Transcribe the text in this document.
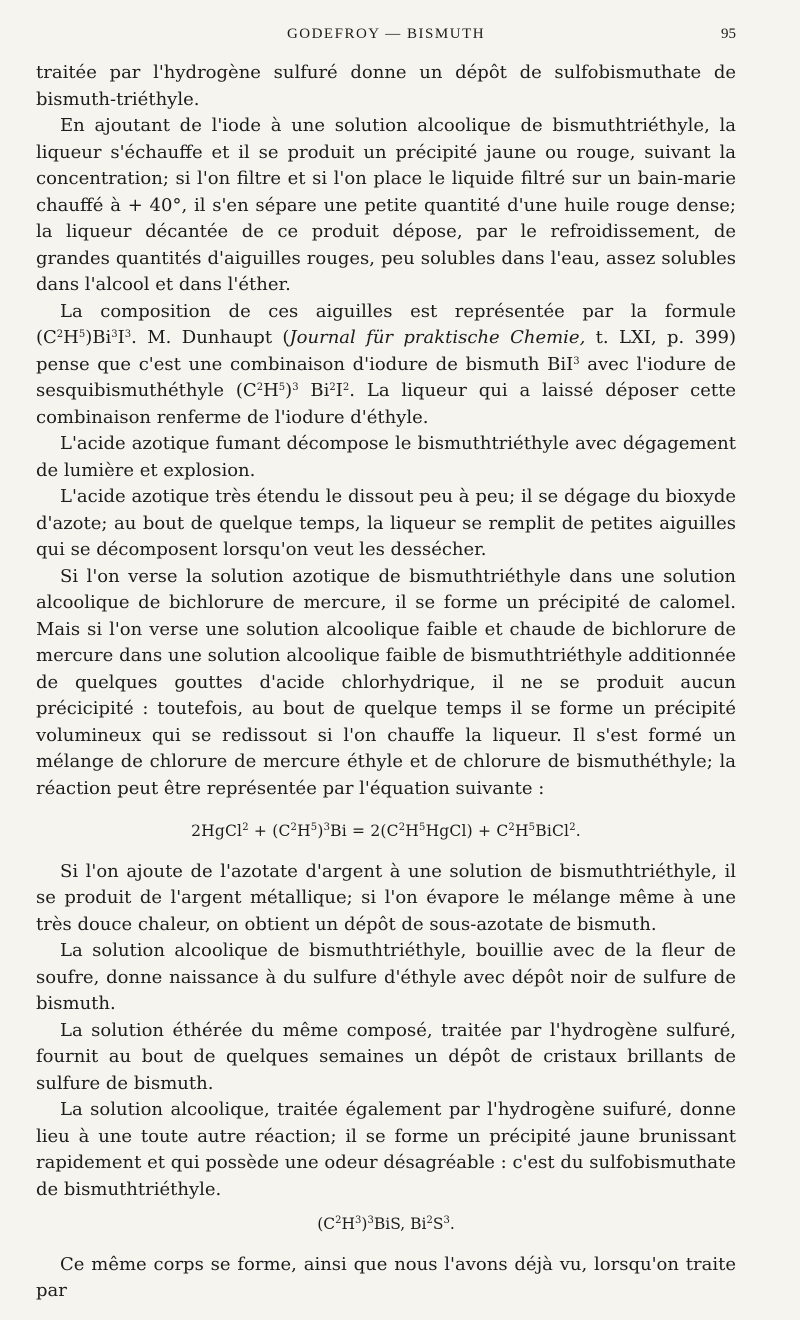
GODEFROY — BISMUTH	95

traitée par l'hydrogène sulfuré donne un dépôt de sulfobismuthate de bismuth-triéthyle.

En ajoutant de l'iode à une solution alcoolique de bismuthtriéthyle, la liqueur s'échauffe et il se produit un précipité jaune ou rouge, suivant la concentration; si l'on filtre et si l'on place le liquide filtré sur un bain-marie chauffé à + 40°, il s'en sépare une petite quantité d'une huile rouge dense; la liqueur décantée de ce produit dépose, par le refroidissement, de grandes quantités d'aiguilles rouges, peu solubles dans l'eau, assez solubles dans l'alcool et dans l'éther.

La composition de ces aiguilles est représentée par la formule $(C^2H^5)Bi^3I^3$. M. Dunhaupt (Journal für praktische Chemie, t. LXI, p. 399) pense que c'est une combinaison d'iodure de bismuth BiI$^3$ avec l'iodure de sesquibismuthéthyle $(C^2H^5)^3$ $Bi^2I^2$. La liqueur qui a laissé déposer cette combinaison renferme de l'iodure d'éthyle.

L'acide azotique fumant décompose le bismuthtriéthyle avec dégagement de lumière et explosion.

L'acide azotique très étendu le dissout peu à peu; il se dégage du bioxyde d'azote; au bout de quelque temps, la liqueur se remplit de petites aiguilles qui se décomposent lorsqu'on veut les dessécher.

Si l'on verse la solution azotique de bismuthtriéthyle dans une solution alcoolique de bichlorure de mercure, il se forme un précipité de calomel. Mais si l'on verse une solution alcoolique faible et chaude de bichlorure de mercure dans une solution alcoolique faible de bismuthtriéthyle additionnée de quelques gouttes d'acide chlorhydrique, il ne se produit aucun précicipité : toutefois, au bout de quelque temps il se forme un précipité volumineux qui se redissout si l'on chauffe la liqueur. Il s'est formé un mélange de chlorure de mercure éthyle et de chlorure de bismuthéthyle; la réaction peut être représentée par l'équation suivante :

2HgCl$^2$ + $(C^2H^5)^3Bi$ = $2(C^2H^5HgCl)$ + $C^2H^5BiCl^2$.

Si l'on ajoute de l'azotate d'argent à une solution de bismuthtriéthyle, il se produit de l'argent métallique; si l'on évapore le mélange même à une très douce chaleur, on obtient un dépôt de sous-azotate de bismuth.

La solution alcoolique de bismuthtriéthyle, bouillie avec de la fleur de soufre, donne naissance à du sulfure d'éthyle avec dépôt noir de sulfure de bismuth.

La solution éthérée du même composé, traitée par l'hydrogène sulfuré, fournit au bout de quelques semaines un dépôt de cristaux brillants de sulfure de bismuth.

La solution alcoolique, traitée également par l'hydrogène suifuré, donne lieu à une toute autre réaction; il se forme un précipité jaune brunissant rapidement et qui possède une odeur désagréable : c'est du sulfobismuthate de bismuthtriéthyle.

$(C^2H^3)^3BiS$, $Bi^2S^3$.

Ce même corps se forme, ainsi que nous l'avons déjà vu, lorsqu'on traite par
